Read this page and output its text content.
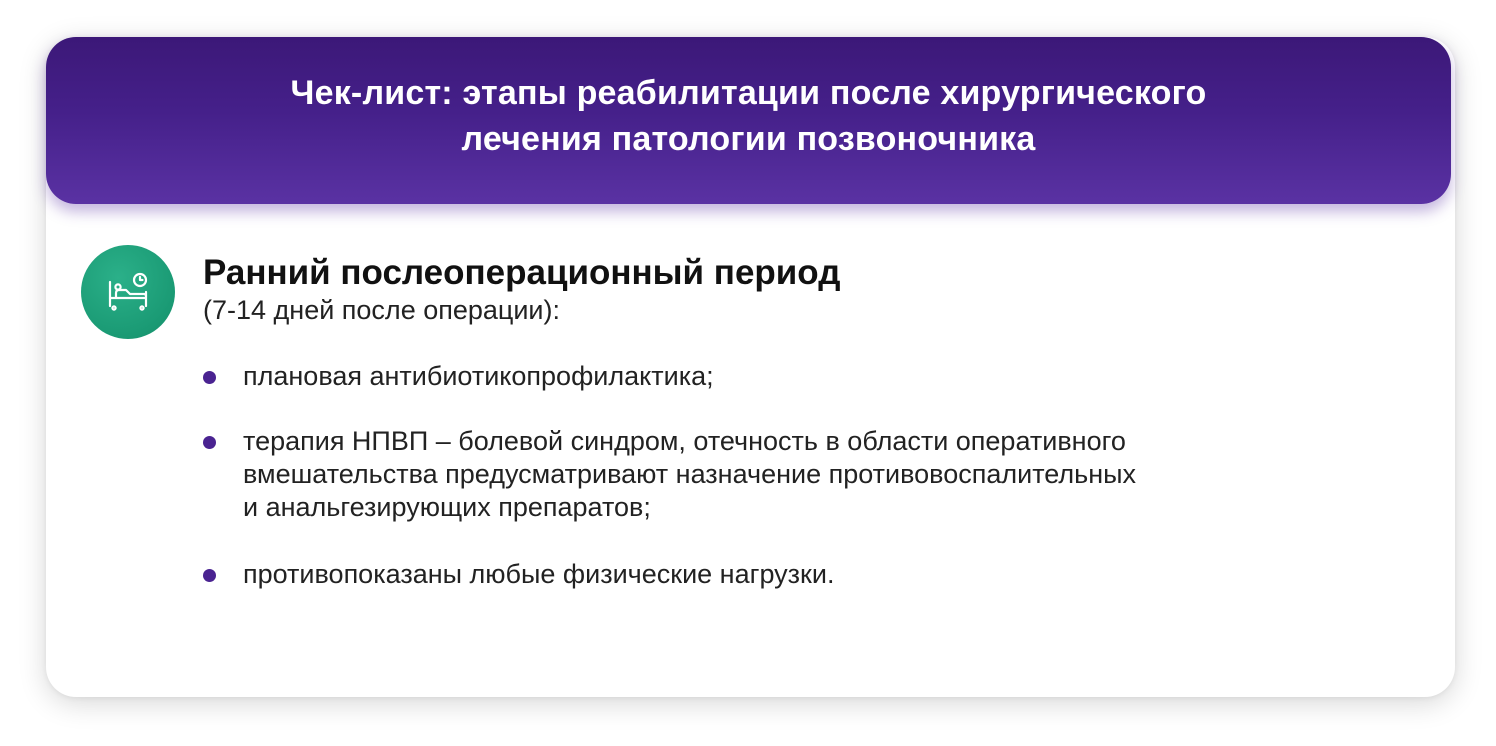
Чек-лист: этапы реабилитации после хирургического
лечения патологии позвоночника
Ранний послеоперационный период
(7-14 дней после операции):
плановая антибиотикопрофилактика;
терапия НПВП – болевой синдром, отечность в области оперативного
вмешательства предусматривают назначение противовоспалительных
и анальгезирующих препаратов;
противопоказаны любые физические нагрузки.
